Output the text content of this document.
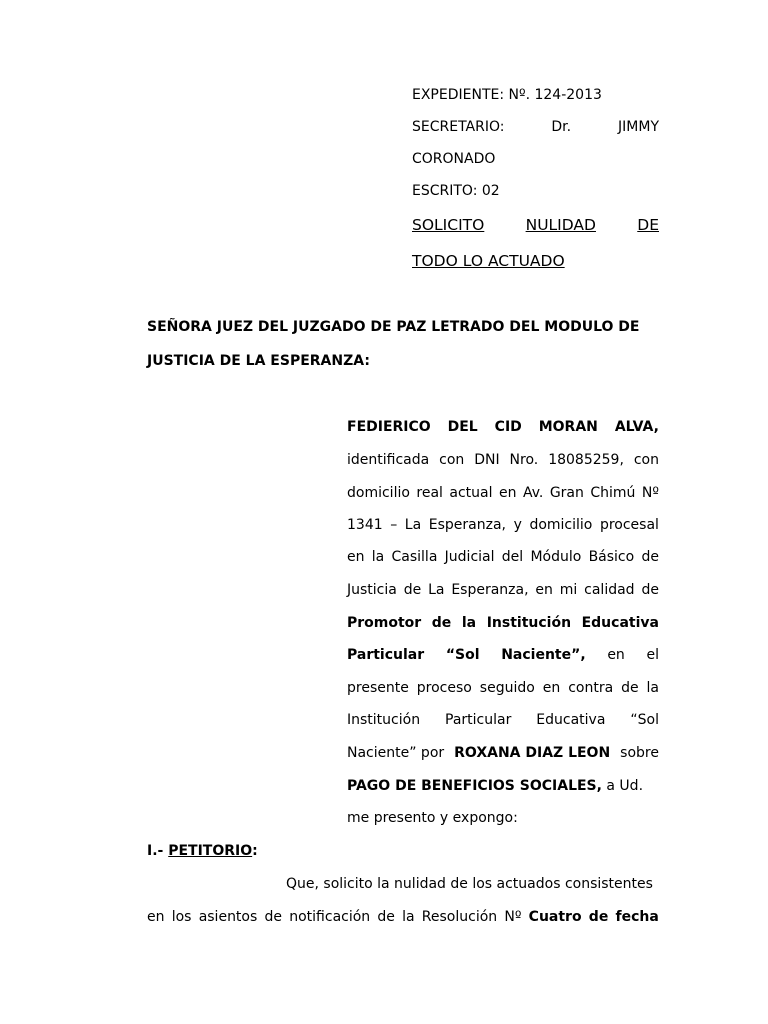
EXPEDIENTE: Nº. 124-2013
SECRETARIO:	Dr.	JIMMY
CORONADO
ESCRITO: 02
SOLICITO	NULIDAD	DE
TODO LO ACTUADO
SEÑORA JUEZ DEL JUZGADO DE PAZ LETRADO DEL MODULO DE
JUSTICIA DE LA ESPERANZA:
FEDIERICO DEL CID MORAN ALVA,
identificada con DNI Nro. 18085259, con
domicilio real actual en Av. Gran Chimú Nº
1341 – La Esperanza, y domicilio procesal
en la Casilla Judicial del Módulo Básico de
Justicia de La Esperanza, en mi calidad de
Promotor de la Institución Educativa
Particular “Sol Naciente”, en el
presente proceso seguido en contra de la
Institución Particular Educativa “Sol
Naciente” por ROXANA DIAZ LEON sobre
PAGO DE BENEFICIOS SOCIALES, a Ud.
me presento y expongo:
I.- PETITORIO:
Que, solicito la nulidad de los actuados consistentes
en los asientos de notificación de la Resolución Nº Cuatro de fecha
